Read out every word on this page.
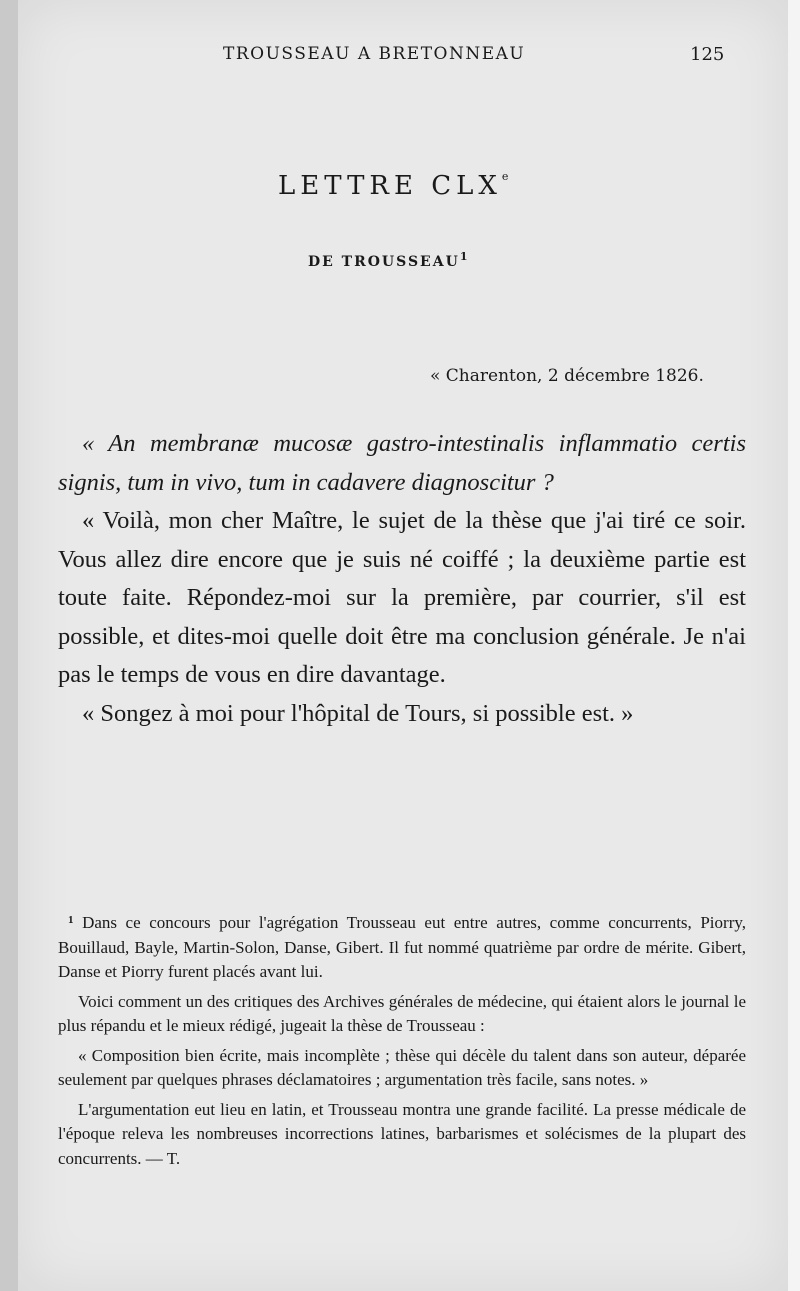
TROUSSEAU A BRETONNEAU	125
LETTRE CLXe
DE TROUSSEAU$^1$
« Charenton, 2 décembre 1826.

« An membranæ mucosæ gastro-intestinalis inflammatio certis signis, tum in vivo, tum in cadavere diagnoscitur ?

« Voilà, mon cher Maître, le sujet de la thèse que j'ai tiré ce soir. Vous allez dire encore que je suis né coiffé ; la deuxième partie est toute faite. Répondez-moi sur la première, par courrier, s'il est possible, et dites-moi quelle doit être ma conclusion générale. Je n'ai pas le temps de vous en dire davantage.

« Songez à moi pour l'hôpital de Tours, si possible est. »

$^1$ Dans ce concours pour l'agrégation Trousseau eut entre autres, comme concurrents, Piorry, Bouillaud, Bayle, Martin-Solon, Danse, Gibert. Il fut nommé quatrième par ordre de mérite. Gibert, Danse et Piorry furent placés avant lui.

Voici comment un des critiques des Archives générales de médecine, qui étaient alors le journal le plus répandu et le mieux rédigé, jugeait la thèse de Trousseau :

« Composition bien écrite, mais incomplète ; thèse qui décèle du talent dans son auteur, déparée seulement par quelques phrases déclamatoires ; argumentation très facile, sans notes. »

L'argumentation eut lieu en latin, et Trousseau montra une grande facilité. La presse médicale de l'époque releva les nombreuses incorrections latines, barbarismes et solécismes de la plupart des concurrents. — T.
